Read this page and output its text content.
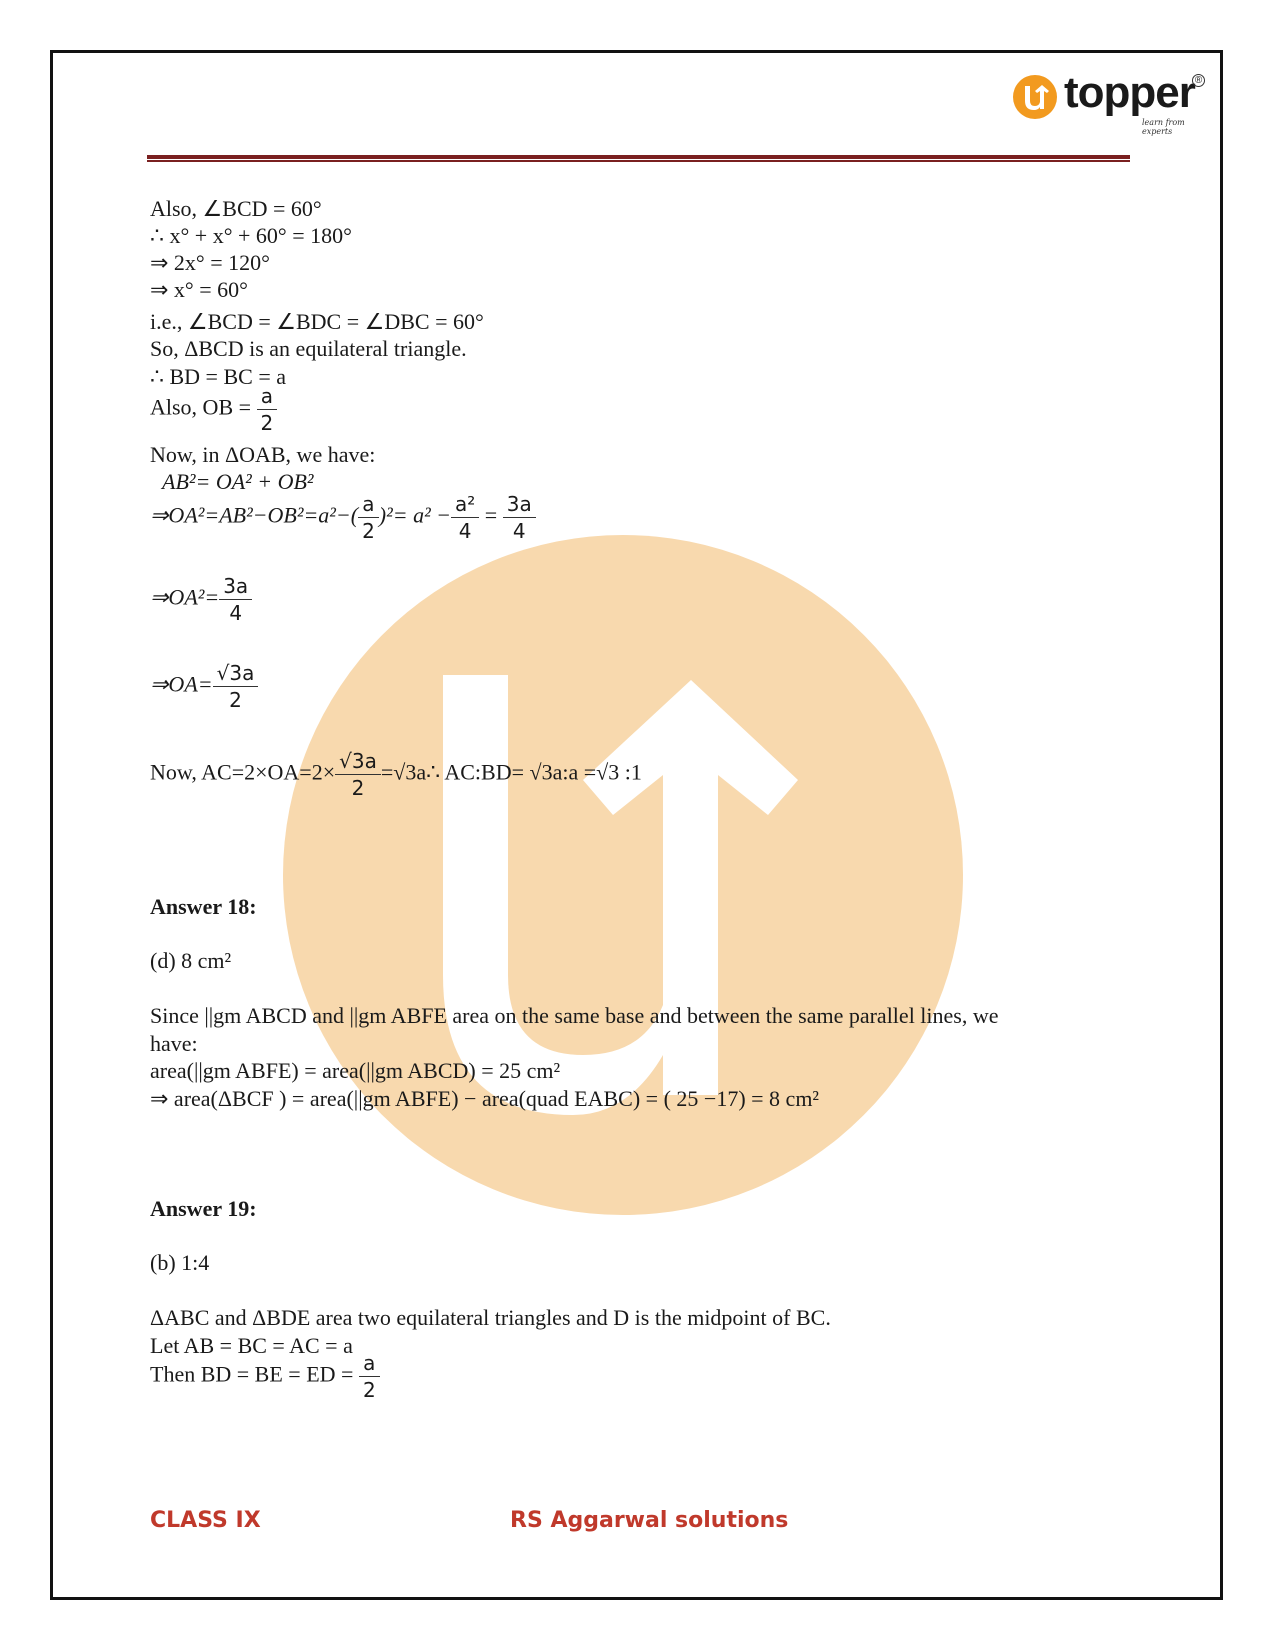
topper
learn from experts
®
Also, ∠BCD = 60°
∴ x° + x° + 60° = 180°
⇒ 2x° = 120°
⇒ x° = 60°
i.e., ∠BCD = ∠BDC = ∠DBC = 60°
So, ΔBCD is an equilateral triangle.
∴ BD = BC = a
Also, OB = $\frac{a}{2}$
Now, in ΔOAB, we have:
AB²= OA² + OB²
⇒OA²=AB²−OB²=a²−( $\frac{a}{2} )^2= a^2 - \frac{\text{a²}}{4} = \frac{3a}{4}$
⇒OA²= $\frac{3a}{4}$
⇒OA= $\frac{√3a}{2}$
Now, $AC=2\times OA=2\times \frac{√3a}{2}$ =√3a∴ AC:BD= √3a:a =√3 :1
Answer 18:
(d) 8 cm²
Since ||gm ABCD and ||gm ABFE area on the same base and between the same parallel lines, we
have:
area(||gm ABFE) = area(||gm ABCD) = 25 cm²
⇒ area(ΔBCF ) = area(||gm ABFE) − area(quad EABC) = ( 25 −17) = 8 cm²
Answer 19:
(b) 1:4
ΔABC and ΔBDE area two equilateral triangles and D is the midpoint of BC.
Let AB = BC = AC = a
Then BD = BE = ED = $\frac{a}{2}$
CLASS IX	RS Aggarwal solutions
